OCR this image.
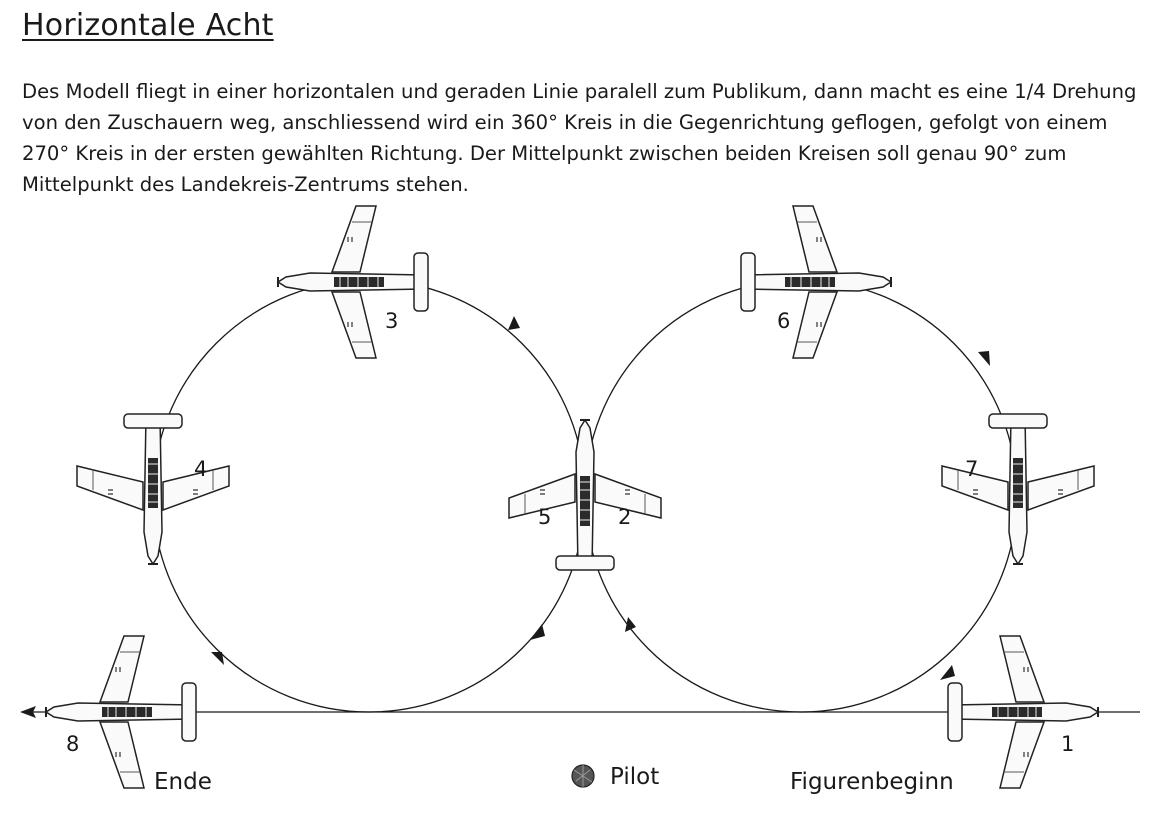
Horizontale Acht

Des Modell fliegt in einer horizontalen und geraden Linie paralell zum Publikum, dann macht es eine 1/4 Drehung von den Zuschauern weg, anschliessend wird ein 360° Kreis in die Gegenrichtung geflogen, gefolgt von einem 270° Kreis in der ersten gewählten Richtung. Der Mittelpunkt zwischen beiden Kreisen soll genau 90° zum Mittelpunkt des Landekreis-Zentrums stehen.

1
2
3
4
5
6
7
8
Ende	Pilot	Figurenbeginn
